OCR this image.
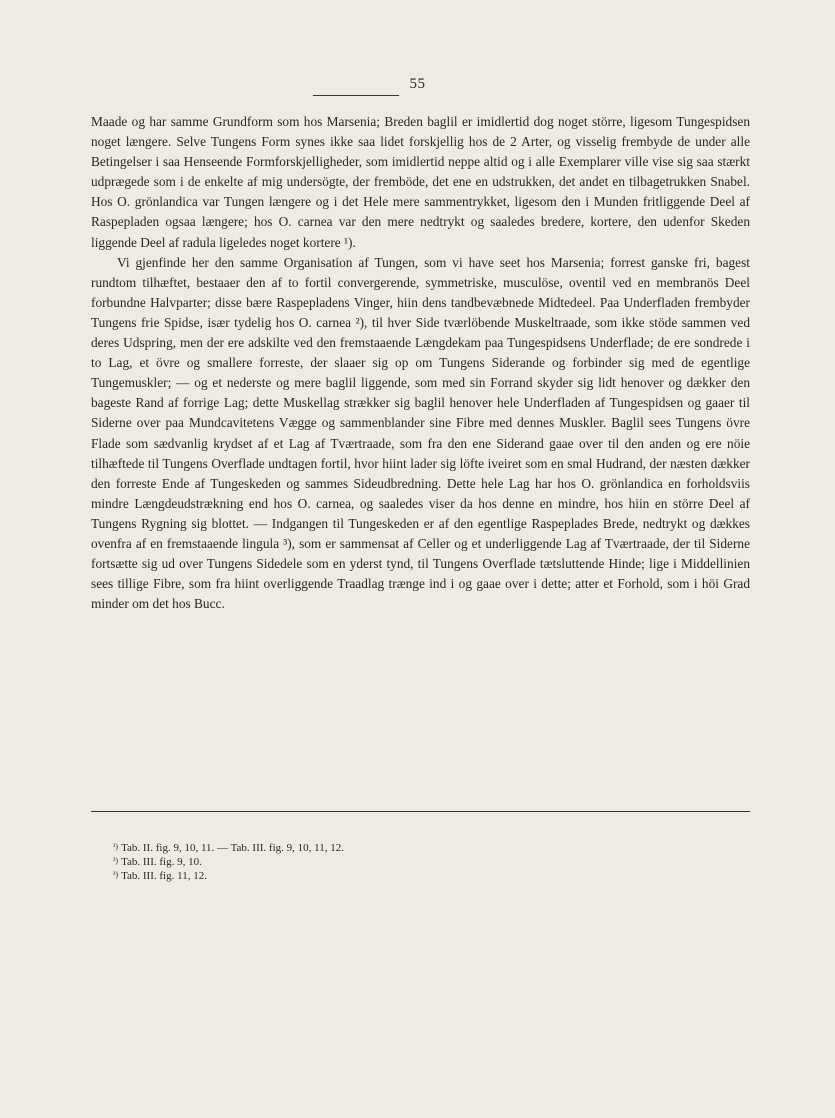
55

Maade og har samme Grundform som hos Marsenia; Breden baglil er imidlertid dog noget större, ligesom Tungespidsen noget længere. Selve Tungens Form synes ikke saa lidet forskjellig hos de 2 Arter, og visselig frembyde de under alle Betingelser i saa Henseende Formforskjelligheder, som imidlertid neppe altid og i alle Exemplarer ville vise sig saa stærkt udprægede som i de enkelte af mig undersögte, der fremböde, det ene en udstrukken, det andet en tilbagetrukken Snabel. Hos O. grönlandica var Tungen længere og i det Hele mere sammentrykket, ligesom den i Munden fritliggende Deel af Raspepladen ogsaa længere; hos O. carnea var den mere nedtrykt og saaledes bredere, kortere, den udenfor Skeden liggende Deel af radula ligeledes noget kortere ¹).

Vi gjenfinde her den samme Organisation af Tungen, som vi have seet hos Marsenia; forrest ganske fri, bagest rundtom tilhæftet, bestaaer den af to fortil convergerende, symmetriske, musculöse, oventil ved en membranös Deel forbundne Halvparter; disse bære Raspepladens Vinger, hiin dens tandbevæbnede Midtedeel. Paa Underfladen frembyder Tungens frie Spidse, især tydelig hos O. carnea ²), til hver Side tværlöbende Muskeltraade, som ikke stöde sammen ved deres Udspring, men der ere adskilte ved den fremstaaende Længdekam paa Tungespidsens Underflade; de ere sondrede i to Lag, et övre og smallere forreste, der slaaer sig op om Tungens Siderande og forbinder sig med de egentlige Tungemuskler; — og et nederste og mere baglil liggende, som med sin Forrand skyder sig lidt henover og dækker den bageste Rand af forrige Lag; dette Muskellag strækker sig baglil henover hele Underfladen af Tungespidsen og gaaer til Siderne over paa Mundcavitetens Vægge og sammenblander sine Fibre med dennes Muskler. Baglil sees Tungens övre Flade som sædvanlig krydset af et Lag af Tværtraade, som fra den ene Siderand gaae over til den anden og ere nöie tilhæftede til Tungens Overflade undtagen fortil, hvor hiint lader sig löfte iveiret som en smal Hudrand, der næsten dækker den forreste Ende af Tungeskeden og sammes Sideudbredning. Dette hele Lag har hos O. grönlandica en forholdsviis mindre Længdeudstrækning end hos O. carnea, og saaledes viser da hos denne en mindre, hos hiin en större Deel af Tungens Rygning sig blottet. — Indgangen til Tungeskeden er af den egentlige Raspeplades Brede, nedtrykt og dækkes ovenfra af en fremstaaende lingula ³), som er sammensat af Celler og et underliggende Lag af Tværtraade, der til Siderne fortsætte sig ud over Tungens Sidedele som en yderst tynd, til Tungens Overflade tætsluttende Hinde; lige i Middellinien sees tillige Fibre, som fra hiint overliggende Traadlag trænge ind i og gaae over i dette; atter et Forhold, som i höi Grad minder om det hos Bucc.

$^{^1)}$ Tab. II. fig. 9, 10, 11. — Tab. III. fig. 9, 10, 11, 12.
$^{^2)}$ Tab. III. fig. 9, 10.
$^{^3)}$ Tab. III. fig. 11, 12.
